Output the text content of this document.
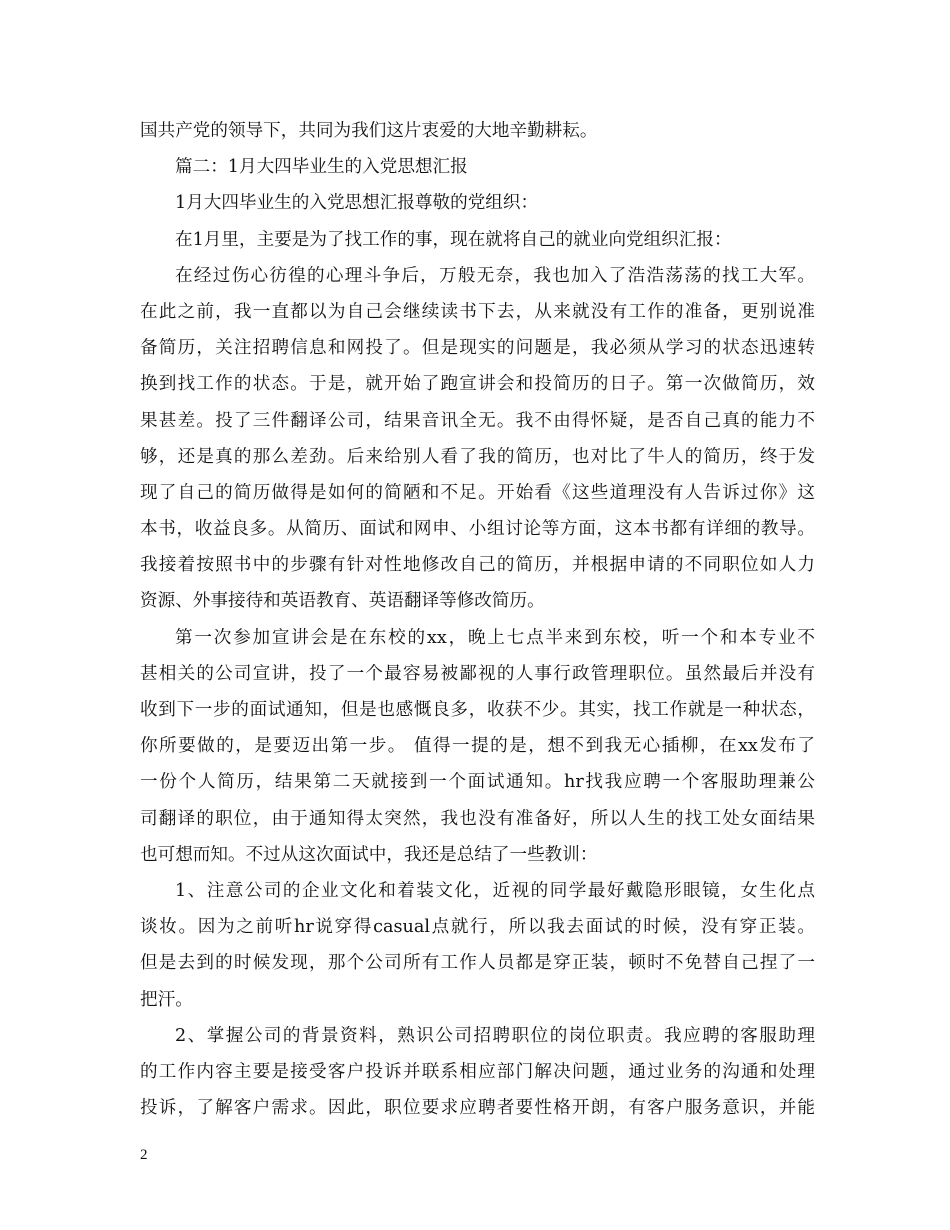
国共产党的领导下，共同为我们这片衷爱的大地辛勤耕耘。
篇二：1月大四毕业生的入党思想汇报
1月大四毕业生的入党思想汇报尊敬的党组织：
在1月里，主要是为了找工作的事，现在就将自己的就业向党组织汇报：
在经过伤心彷徨的心理斗争后，万般无奈，我也加入了浩浩荡荡的找工大军。
在此之前，我一直都以为自己会继续读书下去，从来就没有工作的准备，更别说准
备简历，关注招聘信息和网投了。但是现实的问题是，我必须从学习的状态迅速转
换到找工作的状态。于是，就开始了跑宣讲会和投简历的日子。第一次做简历，效
果甚差。投了三件翻译公司，结果音讯全无。我不由得怀疑，是否自己真的能力不
够，还是真的那么差劲。后来给别人看了我的简历，也对比了牛人的简历，终于发
现了自己的简历做得是如何的简陋和不足。开始看《这些道理没有人告诉过你》这
本书，收益良多。从简历、面试和网申、小组讨论等方面，这本书都有详细的教导。
我接着按照书中的步骤有针对性地修改自己的简历，并根据申请的不同职位如人力
资源、外事接待和英语教育、英语翻译等修改简历。
第一次参加宣讲会是在东校的xx，晚上七点半来到东校，听一个和本专业不
甚相关的公司宣讲，投了一个最容易被鄙视的人事行政管理职位。虽然最后并没有
收到下一步的面试通知，但是也感慨良多，收获不少。其实，找工作就是一种状态，
你所要做的，是要迈出第一步。 值得一提的是，想不到我无心插柳，在xx发布了
一份个人简历，结果第二天就接到一个面试通知。hr找我应聘一个客服助理兼公
司翻译的职位，由于通知得太突然，我也没有准备好，所以人生的找工处女面结果
也可想而知。不过从这次面试中，我还是总结了一些教训：
1、注意公司的企业文化和着装文化，近视的同学最好戴隐形眼镜，女生化点
谈妆。因为之前听hr说穿得casual点就行，所以我去面试的时候，没有穿正装。
但是去到的时候发现，那个公司所有工作人员都是穿正装，顿时不免替自己捏了一
把汗。
2、掌握公司的背景资料，熟识公司招聘职位的岗位职责。我应聘的客服助理
的工作内容主要是接受客户投诉并联系相应部门解决问题，通过业务的沟通和处理
投诉，了解客户需求。因此，职位要求应聘者要性格开朗，有客户服务意识，并能
2
